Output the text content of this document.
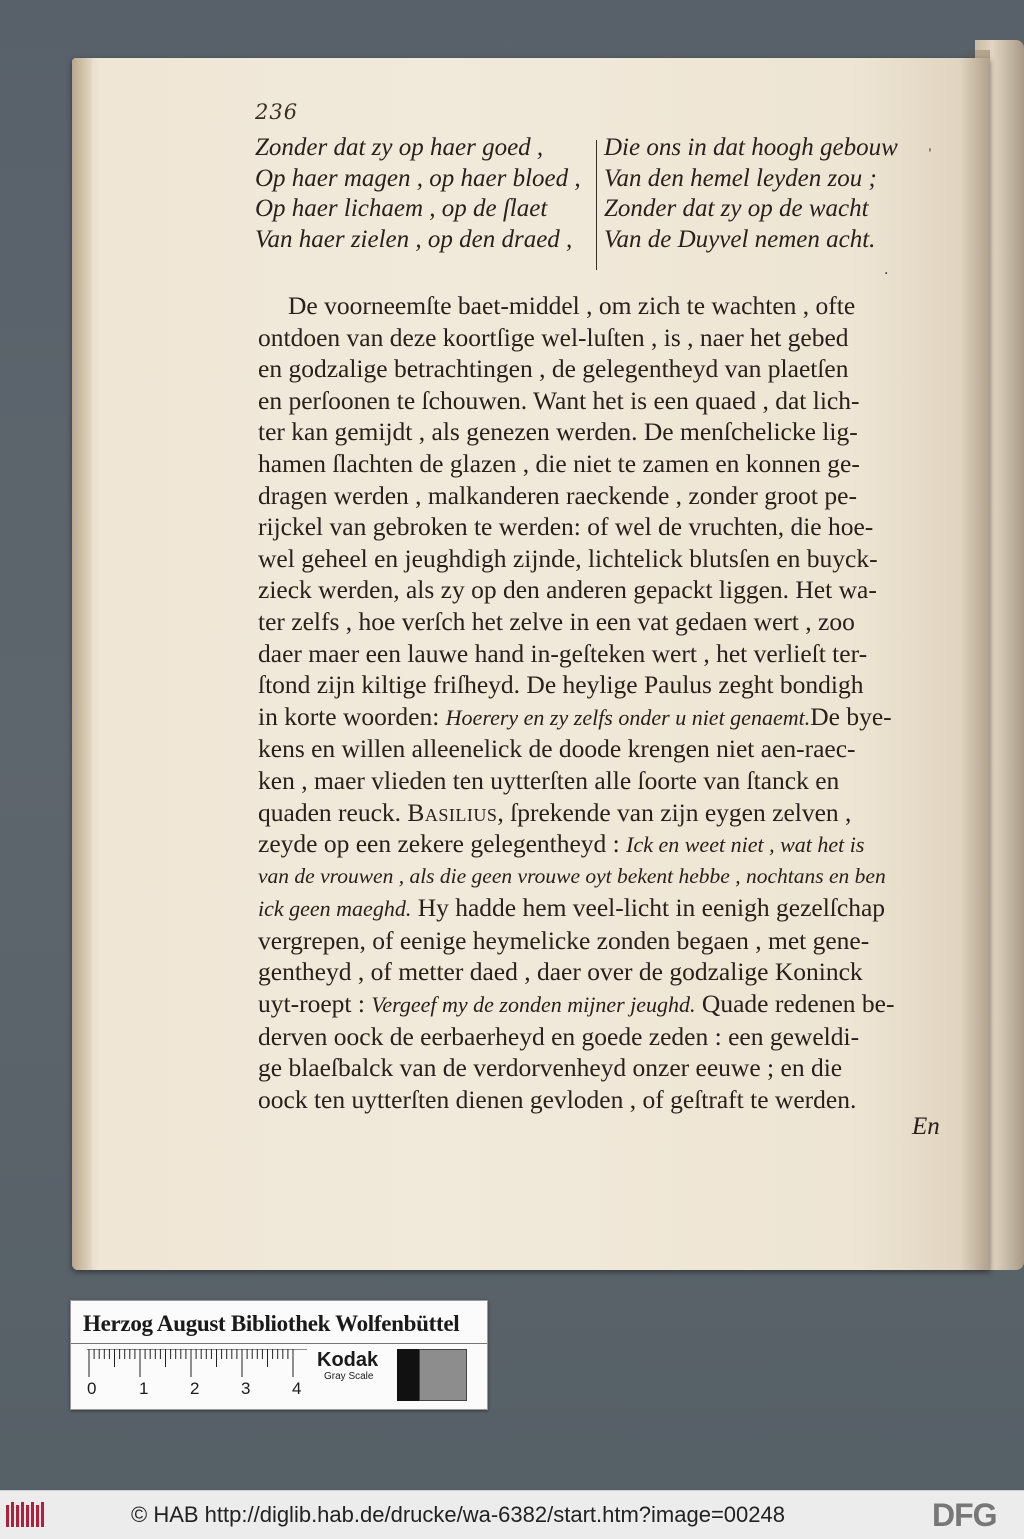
236
Zonder dat zy op haer goed ,
Op haer magen , op haer bloed ,
Op haer lichaem , op de ſlaet
Van haer zielen , op den draed ,
Die ons in dat hoogh gebouw
Van den hemel leyden zou ;
Zonder dat zy op de wacht
Van de Duyvel nemen acht.
ˌ
·
De voorneemſte baet-middel , om zich te wachten , ofte
ontdoen van deze koortſige wel-luſten , is , naer het gebed
en godzalige betrachtingen , de gelegentheyd van plaetſen
en perſoonen te ſchouwen. Want het is een quaed , dat lich-
ter kan gemijdt , als genezen werden. De menſchelicke lig-
hamen ſlachten de glazen , die niet te zamen en konnen ge-
dragen werden , malkanderen raeckende , zonder groot pe-
rijckel van gebroken te werden: of wel de vruchten, die hoe-
wel geheel en jeughdigh zijnde, lichtelick bluts​ſen en buyck-
zieck werden, als zy op den anderen gepackt liggen. Het wa-
ter zelfs , hoe verſch het zelve in een vat gedaen wert , zoo
daer maer een lauwe hand in-geſteken wert , het verlieſt ter-
ſtond zijn kiltige friſheyd. De heylige Paulus zeght bondigh
in korte woorden: Hoerery en zy zelfs onder u niet genaemt.De bye-
kens en willen alleenelick de doode krengen niet aen-raec-
ken , maer vlieden ten uytterſten alle ſoorte van ſtanck en
quaden reuck. Basilius, ſprekende van zijn eygen zelven ,
zeyde op een zekere gelegentheyd : Ick en weet niet , wat het is
van de vrouwen , als die geen vrouwe oyt bekent hebbe , nochtans en ben
ick geen maeghd. Hy hadde hem veel-licht in eenigh gezelſchap
vergrepen, of eenige heymelicke zonden begaen , met gene-
gentheyd , of metter daed , daer over de godzalige Koninck
uyt-roept : Vergeef my de zonden mijner jeughd. Quade redenen be-
derven oock de eerbaerheyd en goede zeden : een geweldi-
ge blaeſbalck van de verdorvenheyd onzer eeuwe ; en die
oock ten uytterſten dienen gevloden , of geſtraft te werden.
En
Herzog August Bibliothek Wolfenbüttel
0	1 2 3 4
Kodak
Gray Scale
© HAB http://diglib.hab.de/drucke/wa-6382/start.htm?image=00248	DFG
